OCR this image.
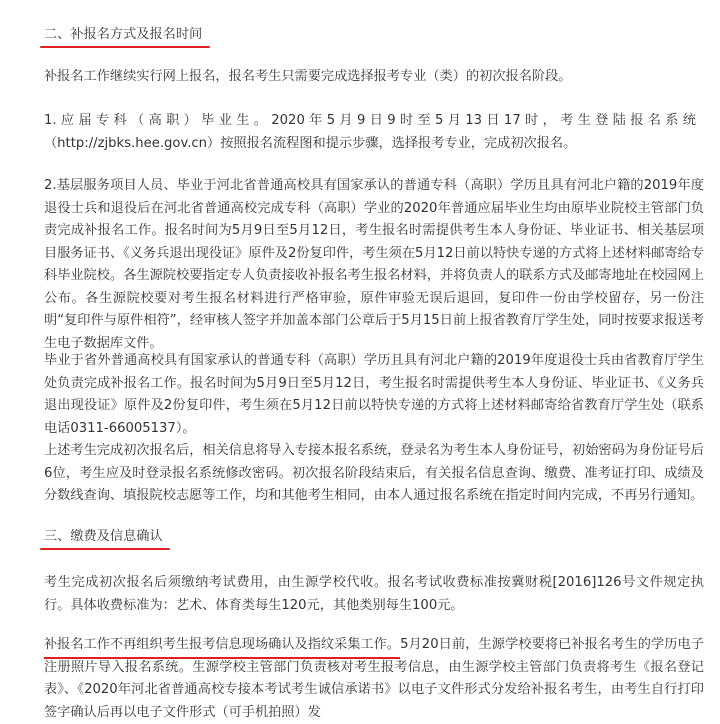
二、补报名方式及报名时间
补报名工作继续实行网上报名，报名考生只需要完成选择报考专业（类）的初次报名阶段。
1.应届专科（高职）毕业生。2020年5月9日9时至5月13日17时，考生登陆报名系统（http://zjbks.hee.gov.cn）按照报名流程图和提示步骤，选择报考专业，完成初次报名。
2.基层服务项目人员、毕业于河北省普通高校具有国家承认的普通专科（高职）学历且具有河北户籍的2019年度退役士兵和退役后在河北省普通高校完成专科（高职）学业的2020年普通应届毕业生均由原毕业院校主管部门负责完成补报名工作。报名时间为5月9日至5月12日，考生报名时需提供考生本人身份证、毕业证书、相关基层项目服务证书、《义务兵退出现役证》原件及2份复印件，考生须在5月12日前以特快专递的方式将上述材料邮寄给专科毕业院校。各生源院校要指定专人负责接收补报名考生报名材料，并将负责人的联系方式及邮寄地址在校园网上公布。各生源院校要对考生报名材料进行严格审验，原件审验无误后退回，复印件一份由学校留存，另一份注明“复印件与原件相符”，经审核人签字并加盖本部门公章后于5月15日前上报省教育厅学生处，同时按要求报送考生电子数据库文件。
毕业于省外普通高校具有国家承认的普通专科（高职）学历且具有河北户籍的2019年度退役士兵由省教育厅学生处负责完成补报名工作。报名时间为5月9日至5月12日，考生报名时需提供考生本人身份证、毕业证书、《义务兵退出现役证》原件及2份复印件，考生须在5月12日前以特快专递的方式将上述材料邮寄给省教育厅学生处（联系电话0311-66005137）。
上述考生完成初次报名后，相关信息将导入专接本报名系统，登录名为考生本人身份证号，初始密码为身份证号后6位，考生应及时登录报名系统修改密码。初次报名阶段结束后，有关报名信息查询、缴费、准考证打印、成绩及分数线查询、填报院校志愿等工作，均和其他考生相同，由本人通过报名系统在指定时间内完成，不再另行通知。
三、缴费及信息确认
考生完成初次报名后须缴纳考试费用，由生源学校代收。报名考试收费标准按冀财税[2016]126号文件规定执行。具体收费标准为：艺术、体育类每生120元，其他类别每生100元。
补报名工作不再组织考生报考信息现场确认及指纹采集工作。5月20日前，生源学校要将已补报名考生的学历电子注册照片导入报名系统。生源学校主管部门负责核对考生报考信息，由生源学校主管部门负责将考生《报名登记表》、《2020年河北省普通高校专接本考试考生诚信承诺书》以电子文件形式分发给补报名考生，由考生自行打印签字确认后再以电子文件形式（可手机拍照）发
